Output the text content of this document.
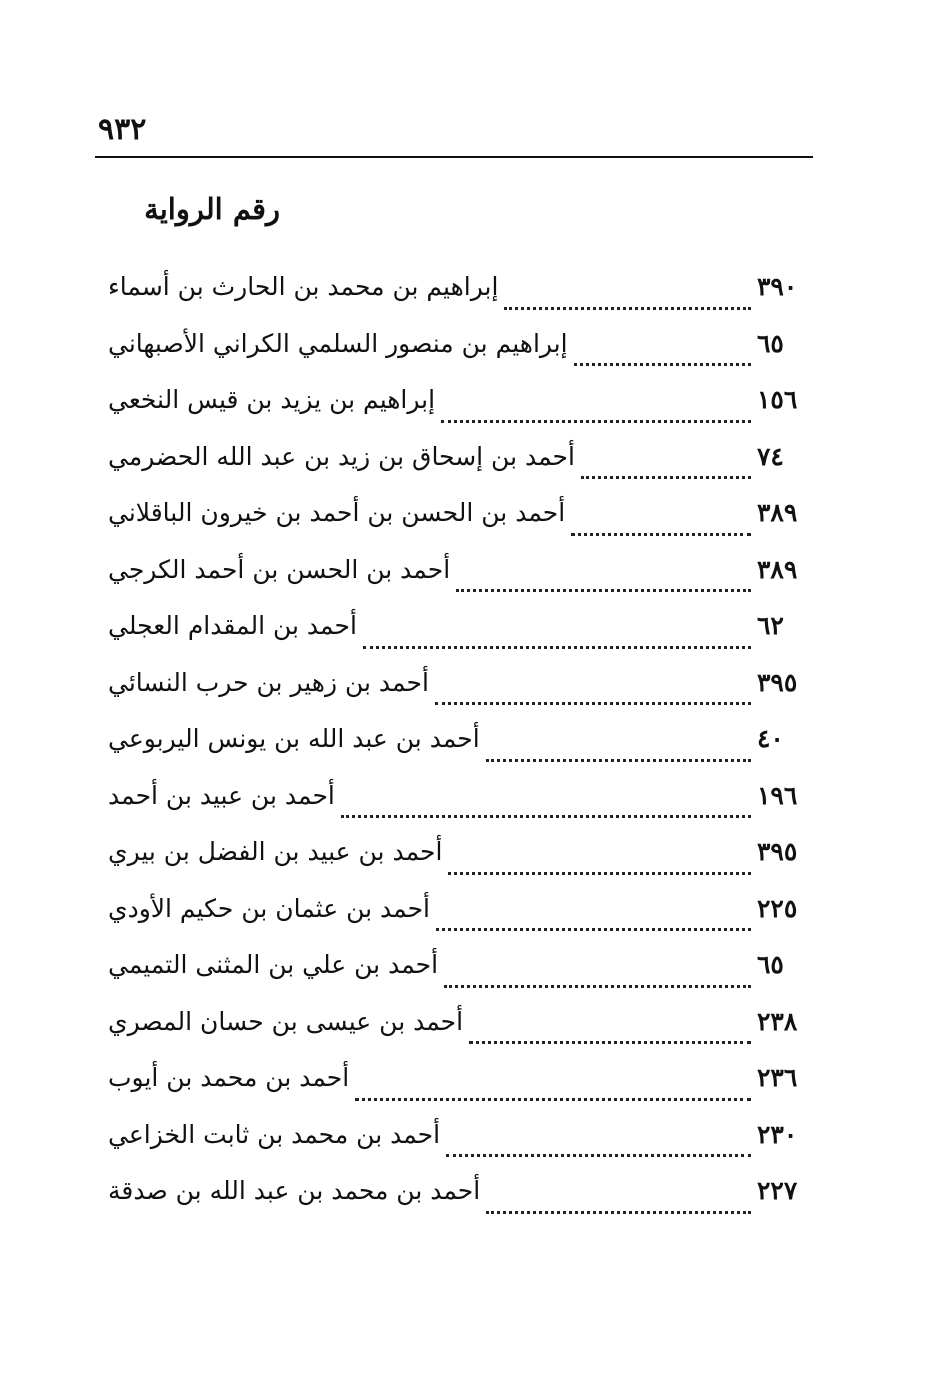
٩٣٢
رقم الرواية
إبراهيم بن محمد بن الحارث بن أسماء	٣٩٠
إبراهيم بن منصور السلمي الكراني الأصبهاني	٦٥
إبراهيم بن يزيد بن قيس النخعي	١٥٦
أحمد بن إسحاق بن زيد بن عبد الله الحضرمي	٧٤
أحمد بن الحسن بن أحمد بن خيرون الباقلاني	٣٨٩
أحمد بن الحسن بن أحمد الكرجي	٣٨٩
أحمد بن المقدام العجلي	٦٢
أحمد بن زهير بن حرب النسائي	٣٩٥
أحمد بن عبد الله بن يونس اليربوعي	٤٠
أحمد بن عبيد بن أحمد	١٩٦
أحمد بن عبيد بن الفضل بن بيري	٣٩٥
أحمد بن عثمان بن حكيم الأودي	٢٢٥
أحمد بن علي بن المثنى التميمي	٦٥
أحمد بن عيسى بن حسان المصري	٢٣٨
أحمد بن محمد بن أيوب	٢٣٦
أحمد بن محمد بن ثابت الخزاعي	٢٣٠
أحمد بن محمد بن عبد الله بن صدقة	٢٢٧
